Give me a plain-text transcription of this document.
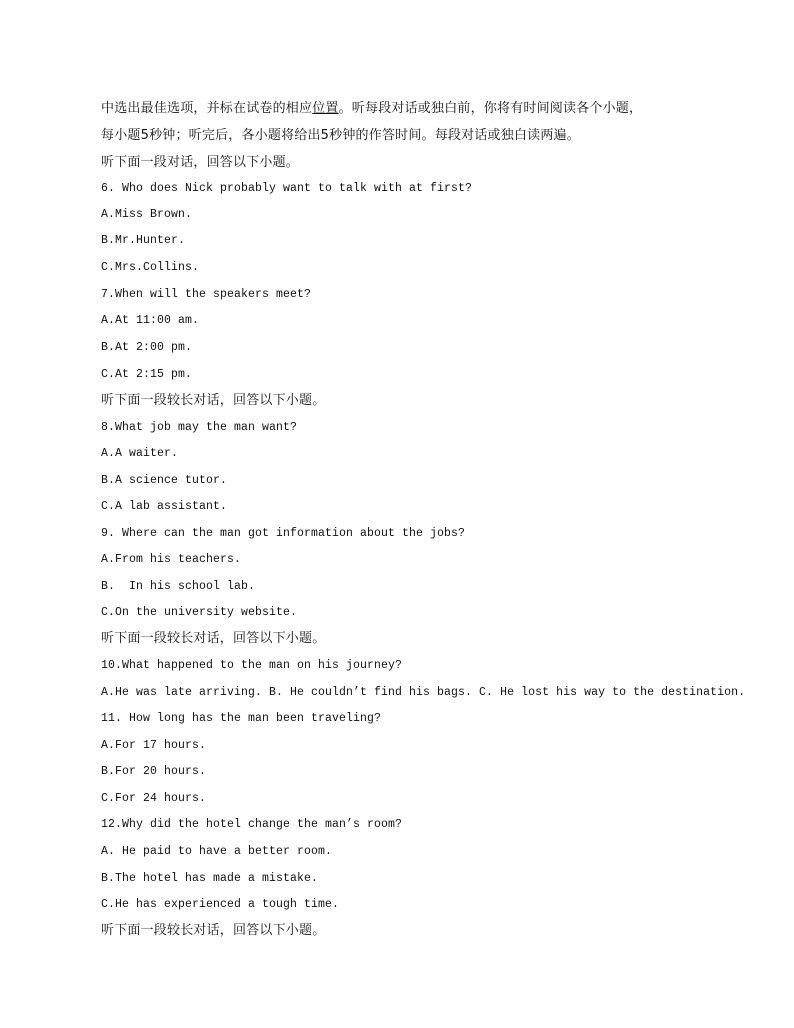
中选出最佳选项，并标在试卷的相应位置。听每段对话或独白前，你将有时间阅读各个小题，
每小题5秒钟；听完后，各小题将给出5秒钟的作答时间。每段对话或独白读两遍。
听下面一段对话，回答以下小题。
6. Who does Nick probably want to talk with at first?
A.Miss Brown.
B.Mr.Hunter.
C.Mrs.Collins.
7.When will the speakers meet?
A.At 11:00 am.
B.At 2:00 pm.
C.At 2:15 pm.
听下面一段较长对话，回答以下小题。
8.What job may the man want?
A.A waiter.
B.A science tutor.
C.A lab assistant.
9. Where can the man got information about the jobs?
A.From his teachers.
B.  In his school lab.
C.On the university website.
听下面一段较长对话，回答以下小题。
10.What happened to the man on his journey?
A.He was late arriving. B. He couldn’t find his bags. C. He lost his way to the destination.
11. How long has the man been traveling?
A.For 17 hours.
B.For 20 hours.
C.For 24 hours.
12.Why did the hotel change the man’s room?
A. He paid to have a better room.
B.The hotel has made a mistake.
C.He has experienced a tough time.
听下面一段较长对话，回答以下小题。
